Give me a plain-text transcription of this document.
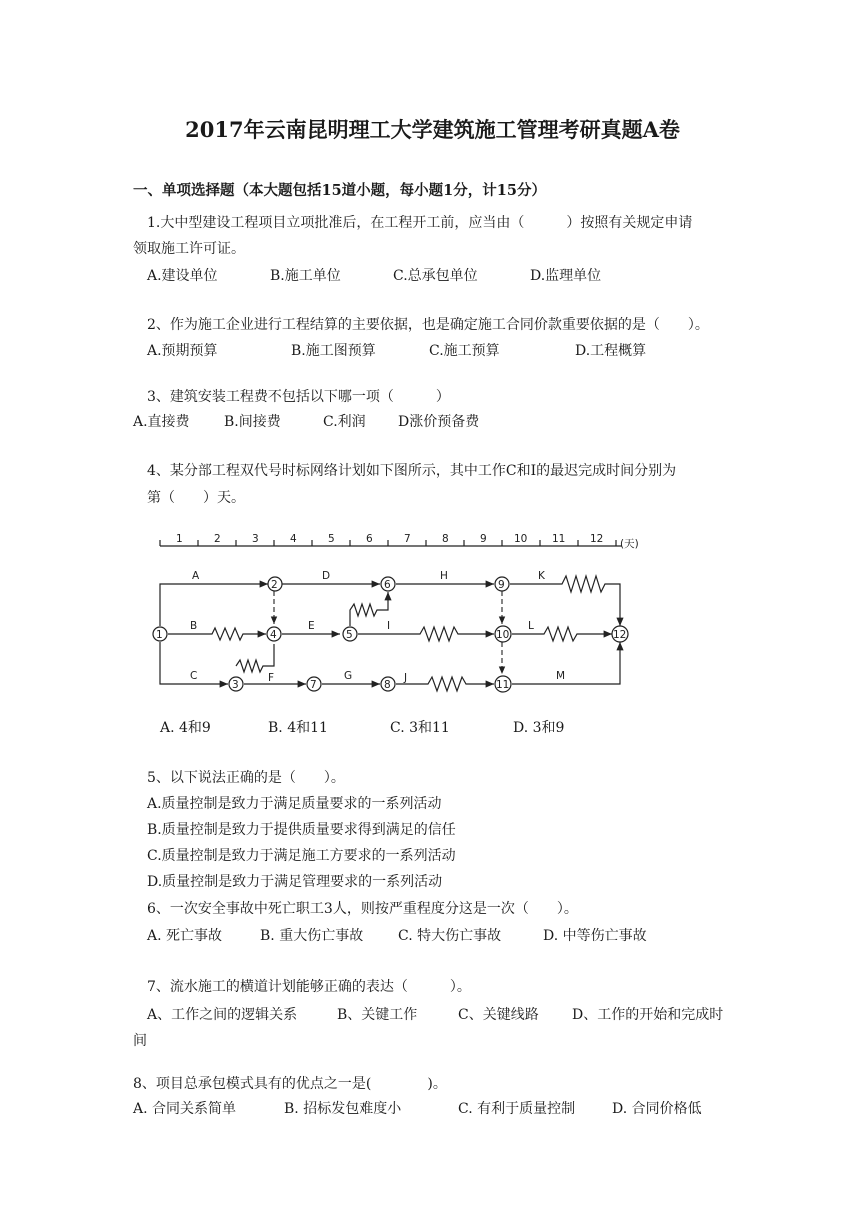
2017年云南昆明理工大学建筑施工管理考研真题A卷
一、单项选择题（本大题包括15道小题，每小题1分，计15分）
1.大中型建设工程项目立项批准后，在工程开工前，应当由（　　　）按照有关规定申请
领取施工许可证。
A.建设单位	B.施工单位	C.总承包单位	D.监理单位
2、作为施工企业进行工程结算的主要依据，也是确定施工合同价款重要依据的是（　　）。
A.预期预算	B.施工图预算	C.施工预算	D.工程概算
3、建筑安装工程费不包括以下哪一项（　　　）
A.直接费 B.间接费	C.利润 D涨价预备费
4、某分部工程双代号时标网络计划如下图所示，其中工作C和I的最迟完成时间分别为
第（　　）天。
1	2	3	4	5	6	7	8	9	10 11 12 (天)
A	D	H	K
B	E	I	L
C	F	G	J	M
1
2
3
4	5
6
7	8
9
10
11
12
A. 4和9	B. 4和11	C. 3和11	D. 3和9
5、以下说法正确的是（　　）。
A.质量控制是致力于满足质量要求的一系列活动
B.质量控制是致力于提供质量要求得到满足的信任
C.质量控制是致力于满足施工方要求的一系列活动
D.质量控制是致力于满足管理要求的一系列活动
6、一次安全事故中死亡职工3人，则按严重程度分这是一次（　　）。
A. 死亡事故	B. 重大伤亡事故 C. 特大伤亡事故	D. 中等伤亡事故
7、流水施工的横道计划能够正确的表达（　　　）。
A、工作之间的逻辑关系	B、关键工作	C、关键线路 D、工作的开始和完成时
间
8、项目总承包模式具有的优点之一是(　　　　)。
A. 合同关系简单	B. 招标发包难度小	C. 有利于质量控制	D. 合同价格低
